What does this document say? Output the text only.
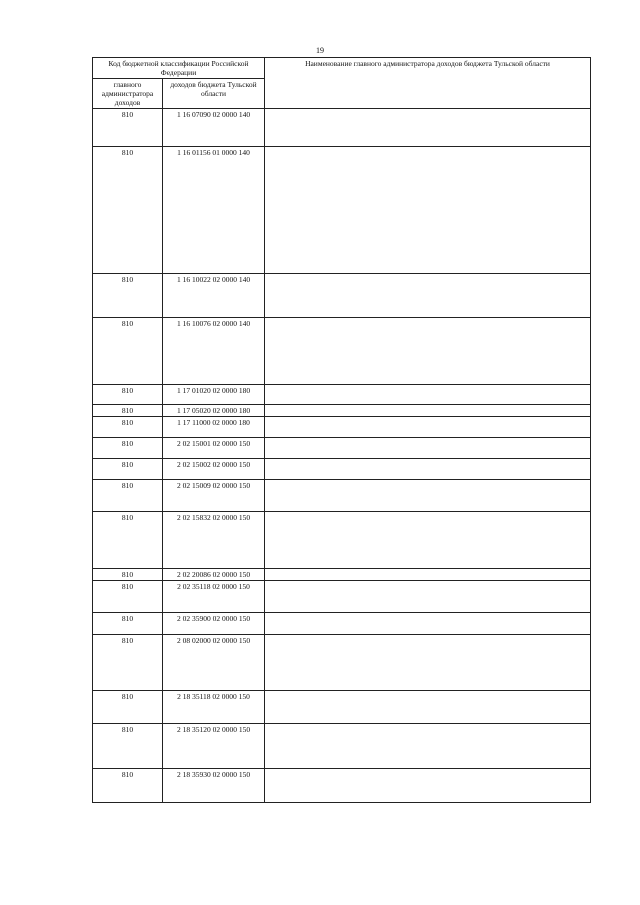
19
Код бюджетной классификации Российской Федерации		Наименование главного администратора доходов бюджета Тульской области
главного администратора доходов	доходов бюджета Тульской области	
810	1 16 07090 02 0000 140	
810	1 16 01156 01 0000 140	
810	1 16 10022 02 0000 140	
810	1 16 10076 02 0000 140	
810	1 17 01020 02 0000 180	
810	1 17 05020 02 0000 180	
810	1 17 11000 02 0000 180	
810	2 02 15001 02 0000 150	
810	2 02 15002 02 0000 150	
810	2 02 15009 02 0000 150	
810	2 02 15832 02 0000 150	
810	2 02 20086 02 0000 150	
810	2 02 35118 02 0000 150	
810	2 02 35900 02 0000 150	
810	2 08 02000 02 0000 150	
810	2 18 35118 02 0000 150	
810	2 18 35120 02 0000 150	
810	2 18 35930 02 0000 150	
